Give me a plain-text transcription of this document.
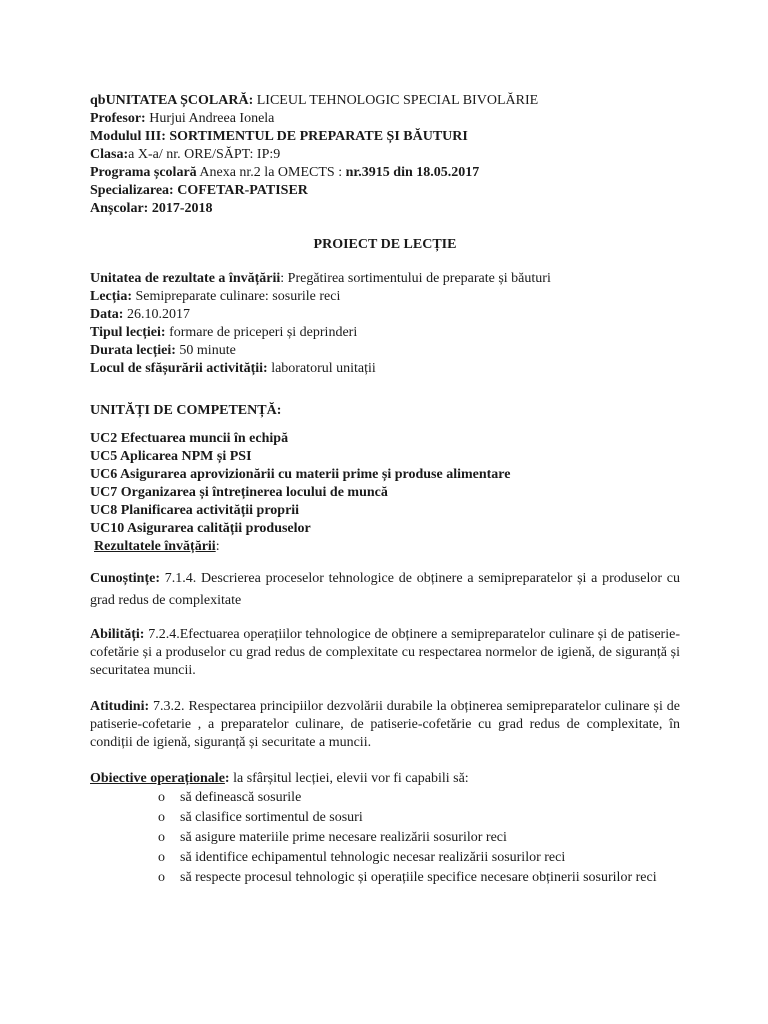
qbUNITATEA ȘCOLARĂ: LICEUL TEHNOLOGIC SPECIAL BIVOLĂRIE
Profesor: Hurjui Andreea Ionela
Modulul III: SORTIMENTUL DE PREPARATE ȘI BĂUTURI
Clasa:a X-a/ nr. ORE/SĂPT: IP:9
Programa școlară Anexa nr.2 la OMECTS : nr.3915 din 18.05.2017
Specializarea: COFETAR-PATISER
Anșcolar: 2017-2018
PROIECT DE LECȚIE
Unitatea de rezultate a învățării: Pregătirea sortimentului de preparate și băuturi
Lecția: Semipreparate culinare: sosurile reci
Data: 26.10.2017
Tipul lecției: formare de priceperi și deprinderi
Durata lecției: 50 minute
Locul de sfășurării activității: laboratorul unitații
UNITĂȚI DE COMPETENȚĂ:
UC2 Efectuarea muncii în echipă
UC5 Aplicarea NPM și PSI
UC6 Asigurarea aprovizionării cu materii prime și produse alimentare
UC7 Organizarea și întreținerea locului de muncă
UC8 Planificarea activității proprii
UC10 Asigurarea calității produselor
Rezultatele învățării:
Cunoștințe: 7.1.4. Descrierea proceselor tehnologice de obținere a semipreparatelor și a produselor cu grad redus de complexitate
Abilități: 7.2.4.Efectuarea operațiilor tehnologice de obținere a semipreparatelor culinare și de patiserie-cofetărie și a produselor cu grad redus de complexitate cu respectarea normelor de igienă, de siguranță și securitatea muncii.
Atitudini: 7.3.2. Respectarea principiilor dezvolării durabile la obținerea semipreparatelor culinare și de patiserie-cofetarie , a preparatelor culinare, de patiserie-cofetărie cu grad redus de complexitate, în condiții de igienă, siguranță și securitate a muncii.
Obiective operaționale: la sfârșitul lecției, elevii vor fi capabili să:
o să definească sosurile
o să clasifice sortimentul de sosuri
o să asigure materiile prime necesare realizării sosurilor reci
o să identifice echipamentul tehnologic necesar realizării sosurilor reci
o să respecte procesul tehnologic și operațiile specifice necesare obținerii sosurilor reci
